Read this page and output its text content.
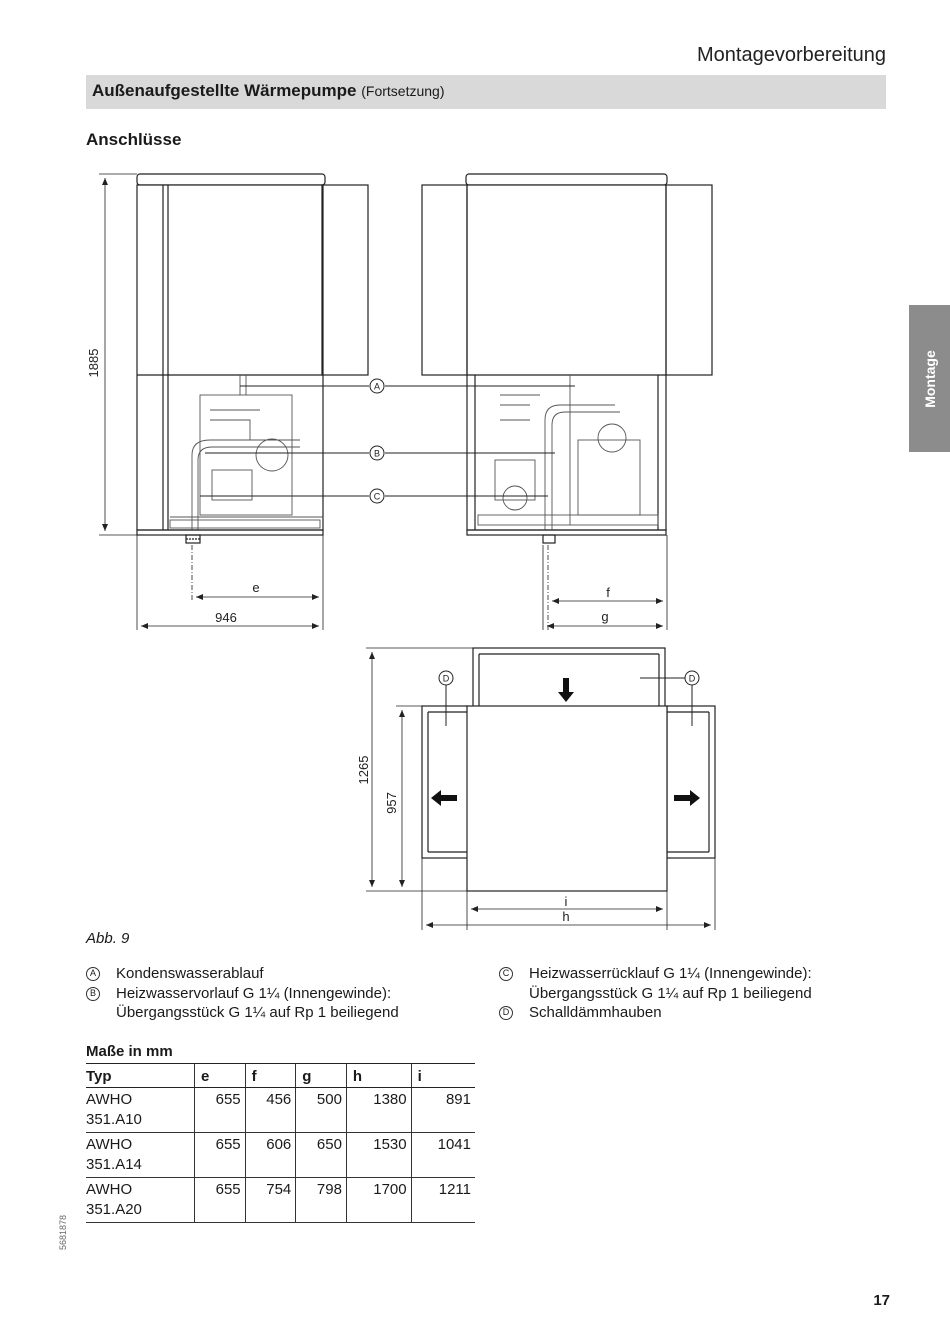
Montagevorbereitung
Außenaufgestellte Wärmepumpe (Fortsetzung)
Anschlüsse
Montage
A
B
C
1885
e
946
f
g
D	D
1265
957
i
h
Abb. 9
A Kondenswasserablauf
B Heizwasservorlauf G 1¼ (Innengewinde):
Übergangsstück G 1¼ auf Rp 1 beiliegend
C Heizwasserrücklauf G 1¼ (Innengewinde):
Übergangsstück G 1¼ auf Rp 1 beiliegend
D Schalldämmhauben
Maße in mm
Typ	e	f	g	h	i

AWHO
351.A10	655	456	500	1380	891

AWHO
351.A14	655	606	650	1530	1041

AWHO
351.A20	655	754	798	1700	1211
5681878
17
